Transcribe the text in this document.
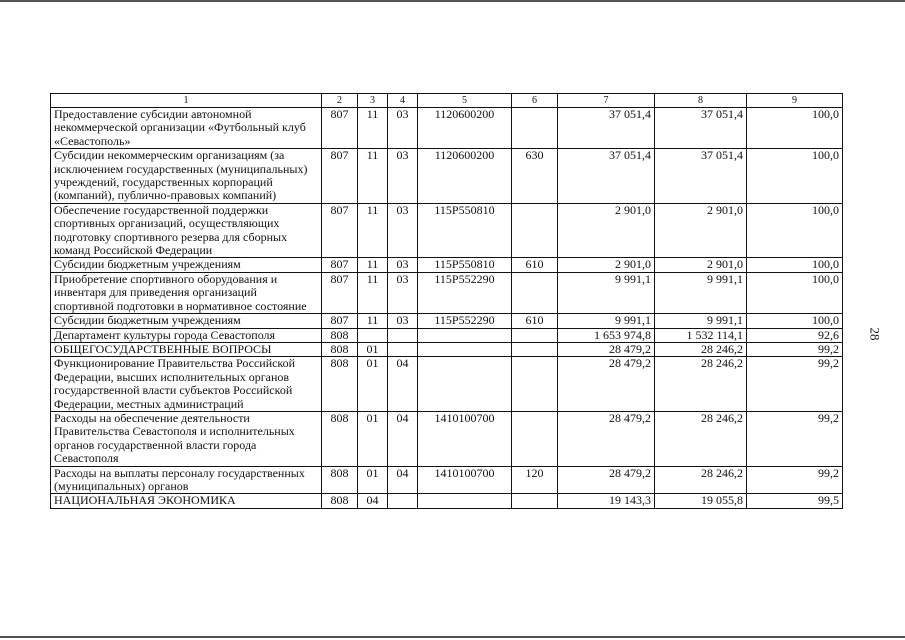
1	2	3	4	5	6	7	8	9
Предоставление субсидии автономной некоммерческой организации «Футбольный клуб «Севастополь»	807	11	03	1120600200		37 051,4	37 051,4	100,0
Субсидии некоммерческим организациям (за исключением государственных (муниципальных) учреждений, государственных корпораций (компаний), публично-правовых компаний)	807	11	03	1120600200	630	37 051,4	37 051,4	100,0
Обеспечение государственной поддержки спортивных организаций, осуществляющих подготовку спортивного резерва для сборных команд Российской Федерации	807	11	03	115P550810		2 901,0	2 901,0	100,0
Субсидии бюджетным учреждениям	807	11	03	115P550810	610	2 901,0	2 901,0	100,0
Приобретение спортивного оборудования и инвентаря для приведения организаций спортивной подготовки в нормативное состояние	807	11	03	115P552290		9 991,1	9 991,1	100,0
Субсидии бюджетным учреждениям	807	11	03	115P552290	610	9 991,1	9 991,1	100,0
Департамент культуры города Севастополя	808					1 653 974,8	1 532 114,1	92,6
ОБЩЕГОСУДАРСТВЕННЫЕ ВОПРОСЫ	808	01				28 479,2	28 246,2	99,2
Функционирование Правительства Российской Федерации, высших исполнительных органов государственной власти субъектов Российской Федерации, местных администраций	808	01	04			28 479,2	28 246,2	99,2
Расходы на обеспечение деятельности Правительства Севастополя и исполнительных органов государственной власти города Севастополя	808	01	04	1410100700		28 479,2	28 246,2	99,2
Расходы на выплаты персоналу государственных (муниципальных) органов	808	01	04	1410100700	120	28 479,2	28 246,2	99,2
НАЦИОНАЛЬНАЯ ЭКОНОМИКА	808	04				19 143,3	19 055,8	99,5
28
